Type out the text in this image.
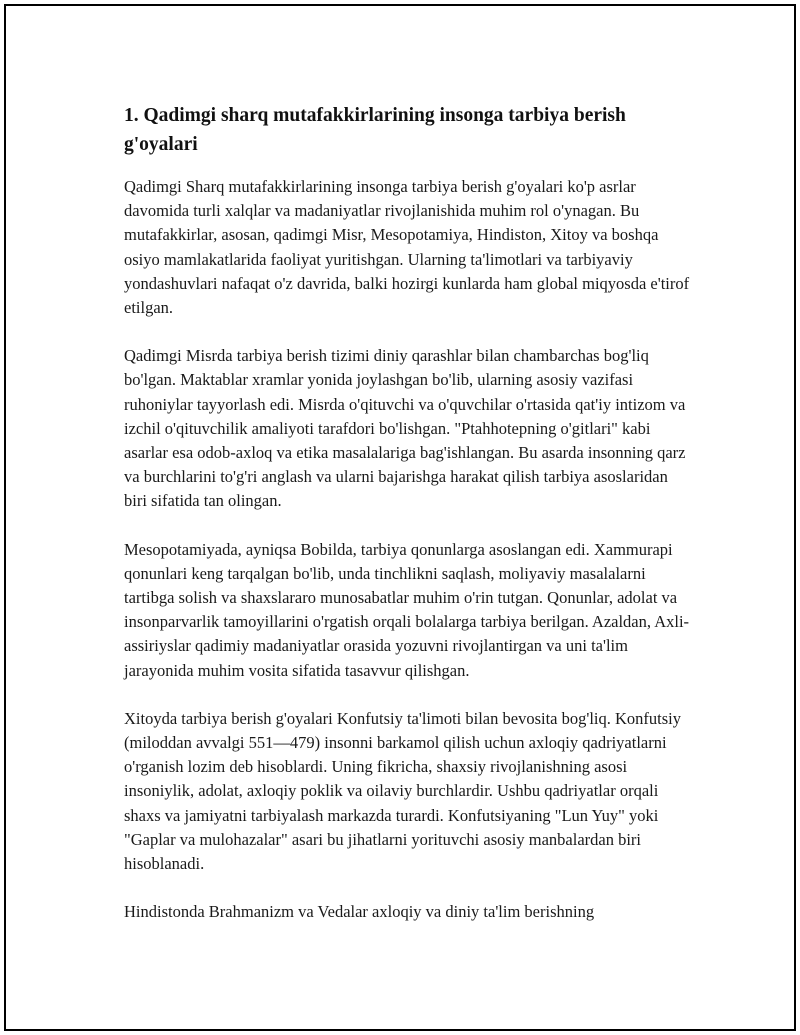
1. Qadimgi sharq mutafakkirlarining insonga tarbiya berish g'oyalari

Qadimgi Sharq mutafakkirlarining insonga tarbiya berish g'oyalari ko'p asrlar davomida turli xalqlar va madaniyatlar rivojlanishida muhim rol o'ynagan. Bu mutafakkirlar, asosan, qadimgi Misr, Mesopotamiya, Hindiston, Xitoy va boshqa osiyo mamlakatlarida faoliyat yuritishgan. Ularning ta'limotlari va tarbiyaviy yondashuvlari nafaqat o'z davrida, balki hozirgi kunlarda ham global miqyosda e'tirof etilgan.

Qadimgi Misrda tarbiya berish tizimi diniy qarashlar bilan chambarchas bog'liq bo'lgan. Maktablar xramlar yonida joylashgan bo'lib, ularning asosiy vazifasi ruhoniylar tayyorlash edi. Misrda o'qituvchi va o'quvchilar o'rtasida qat'iy intizom va izchil o'qituvchilik amaliyoti tarafdori bo'lishgan. "Ptahhotepning o'gitlari" kabi asarlar esa odob-axloq va etika masalalariga bag'ishlangan. Bu asarda insonning qarz va burchlarini to'g'ri anglash va ularni bajarishga harakat qilish tarbiya asoslaridan biri sifatida tan olingan.

Mesopotamiyada, ayniqsa Bobilda, tarbiya qonunlarga asoslangan edi. Xammurapi qonunlari keng tarqalgan bo'lib, unda tinchlikni saqlash, moliyaviy masalalarni tartibga solish va shaxslararo munosabatlar muhim o'rin tutgan. Qonunlar, adolat va insonparvarlik tamoyillarini o'rgatish orqali bolalarga tarbiya berilgan. Azaldan, Axli-assiriyslar qadimiy madaniyatlar orasida yozuvni rivojlantirgan va uni ta'lim jarayonida muhim vosita sifatida tasavvur qilishgan.

Xitoyda tarbiya berish g'oyalari Konfutsiy ta'limoti bilan bevosita bog'liq. Konfutsiy (miloddan avvalgi 551—479) insonni barkamol qilish uchun axloqiy qadriyatlarni o'rganish lozim deb hisoblardi. Uning fikricha, shaxsiy rivojlanishning asosi insoniylik, adolat, axloqiy poklik va oilaviy burchlardir. Ushbu qadriyatlar orqali shaxs va jamiyatni tarbiyalash markazda turardi. Konfutsiyaning "Lun Yuy" yoki "Gaplar va mulohazalar" asari bu jihatlarni yorituvchi asosiy manbalardan biri hisoblanadi.

Hindistonda Brahmanizm va Vedalar axloqiy va diniy ta'lim berishning
